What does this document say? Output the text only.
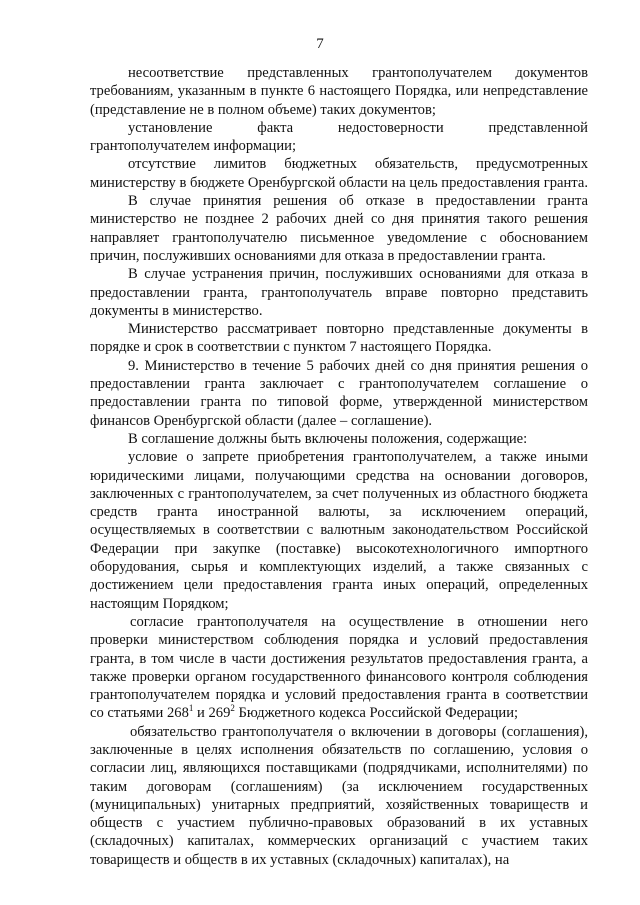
7

несоответствие представленных грантополучателем документов требованиям, указанным в пункте 6 настоящего Порядка, или непредставление (представление не в полном объеме) таких документов;

установление факта недостоверности представленной грантополучателем информации;

отсутствие лимитов бюджетных обязательств, предусмотренных министерству в бюджете Оренбургской области на цель предоставления гранта.

В случае принятия решения об отказе в предоставлении гранта министерство не позднее 2 рабочих дней со дня принятия такого решения направляет грантополучателю письменное уведомление с обоснованием причин, послуживших основаниями для отказа в предоставлении гранта.

В случае устранения причин, послуживших основаниями для отказа в предоставлении гранта, грантополучатель вправе повторно представить документы в министерство.

Министерство рассматривает повторно представленные документы в порядке и срок в соответствии с пунктом 7 настоящего Порядка.

9. Министерство в течение 5 рабочих дней со дня принятия решения о предоставлении гранта заключает с грантополучателем соглашение о предоставлении гранта по типовой форме, утвержденной министерством финансов Оренбургской области (далее – соглашение).

В соглашение должны быть включены положения, содержащие:

условие о запрете приобретения грантополучателем, а также иными юридическими лицами, получающими средства на основании договоров, заключенных с грантополучателем, за счет полученных из областного бюджета средств гранта иностранной валюты, за исключением операций, осуществляемых в соответствии с валютным законодательством Российской Федерации при закупке (поставке) высокотехнологичного импортного оборудования, сырья и комплектующих изделий, а также связанных с достижением цели предоставления гранта иных операций, определенных настоящим Порядком;

согласие грантополучателя на осуществление в отношении него проверки министерством соблюдения порядка и условий предоставления гранта, в том числе в части достижения результатов предоставления гранта, а также проверки органом государственного финансового контроля соблюдения грантополучателем порядка и условий предоставления гранта в соответствии со статьями $268^1$ и $269^2$ Бюджетного кодекса Российской Федерации;

обязательство грантополучателя о включении в договоры (соглашения), заключенные в целях исполнения обязательств по соглашению, условия о согласии лиц, являющихся поставщиками (подрядчиками, исполнителями) по таким договорам (соглашениям) (за исключением государственных (муниципальных) унитарных предприятий, хозяйственных товариществ и обществ с участием публично-правовых образований в их уставных (складочных) капиталах, коммерческих организаций с участием таких товариществ и обществ в их уставных (складочных) капиталах), на
